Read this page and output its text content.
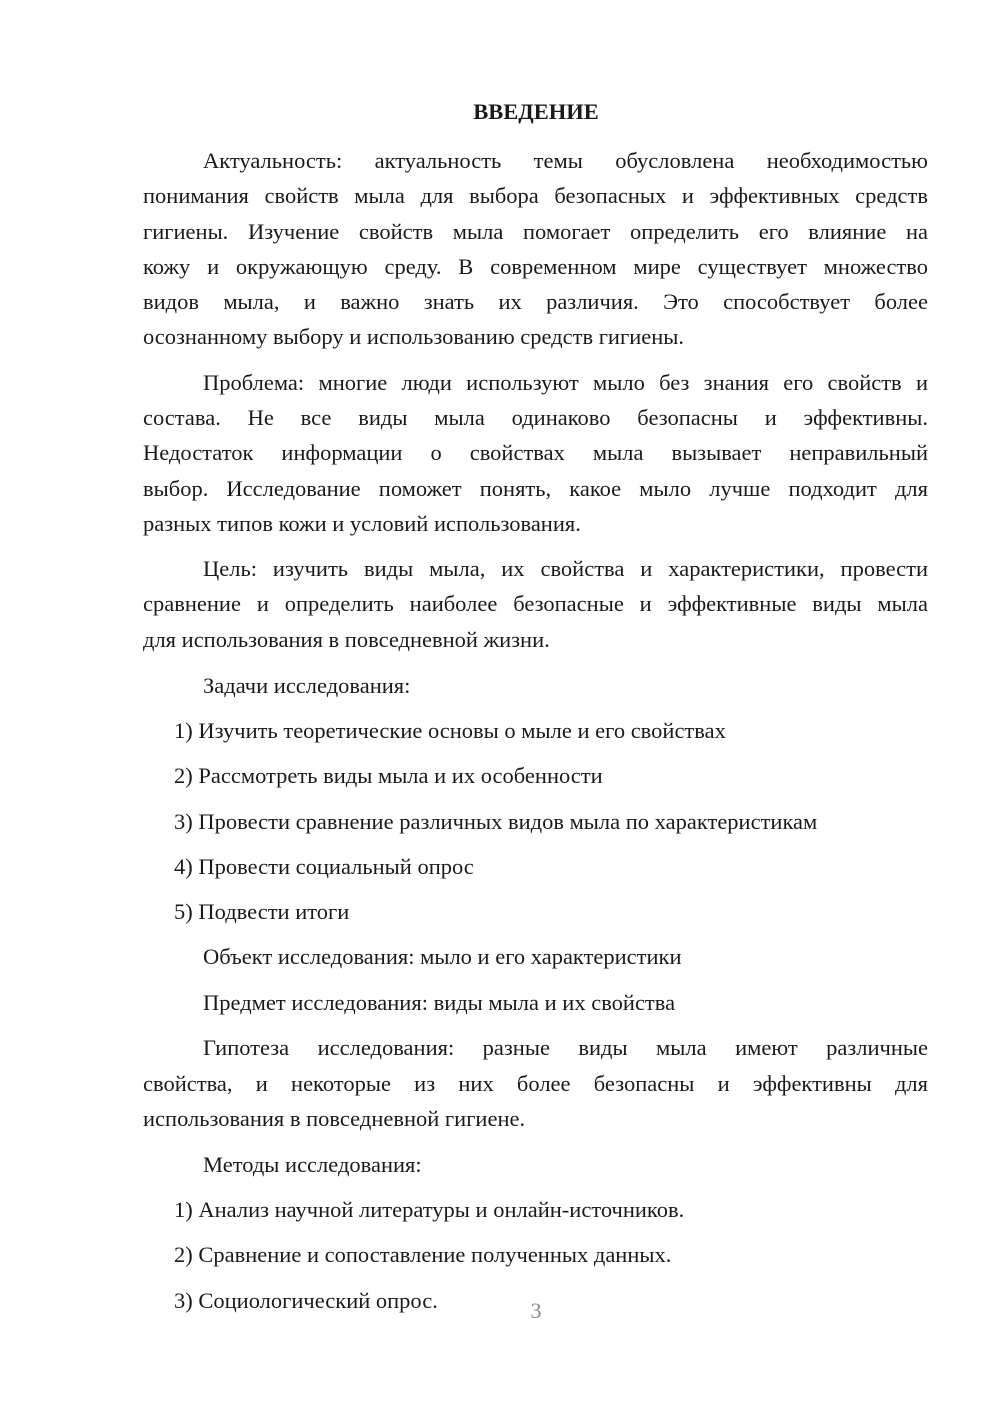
ВВЕДЕНИЕ
Актуальность: актуальность темы обусловлена необходимостью
понимания свойств мыла для выбора безопасных и эффективных средств
гигиены. Изучение свойств мыла помогает определить его влияние на
кожу и окружающую среду. В современном мире существует множество
видов мыла, и важно знать их различия. Это способствует более
осознанному выбору и использованию средств гигиены.
Проблема: многие люди используют мыло без знания его свойств и
состава. Не все виды мыла одинаково безопасны и эффективны.
Недостаток информации о свойствах мыла вызывает неправильный
выбор. Исследование поможет понять, какое мыло лучше подходит для
разных типов кожи и условий использования.
Цель: изучить виды мыла, их свойства и характеристики, провести
сравнение и определить наиболее безопасные и эффективные виды мыла
для использования в повседневной жизни.
Задачи исследования:
1) Изучить теоретические основы о мыле и его свойствах
2) Рассмотреть виды мыла и их особенности
3) Провести сравнение различных видов мыла по характеристикам
4) Провести социальный опрос
5) Подвести итоги
Объект исследования: мыло и его характеристики
Предмет исследования: виды мыла и их свойства
Гипотеза исследования: разные виды мыла имеют различные
свойства, и некоторые из них более безопасны и эффективны для
использования в повседневной гигиене.
Методы исследования:
1) Анализ научной литературы и онлайн-источников.
2) Сравнение и сопоставление полученных данных.
3) Социологический опрос.	3
